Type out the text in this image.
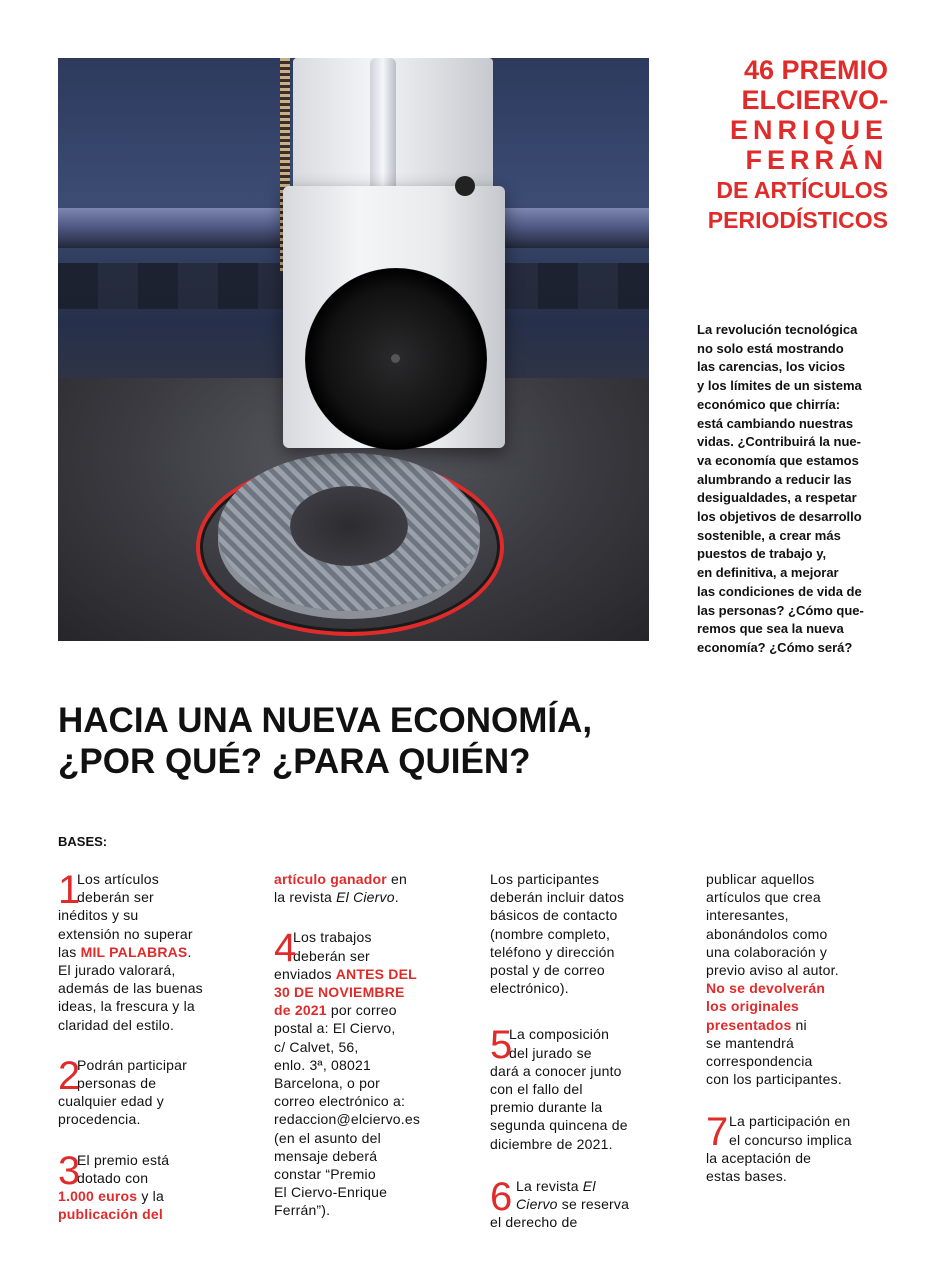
46 PREMIO
ELCIERVO-
ENRIQUE
FERRÁN
DE ARTÍCULOS
PERIODÍSTICOS

La revolución tecnológica
no solo está mostrando
las carencias, los vicios
y los límites de un sistema
económico que chirría:
está cambiando nuestras
vidas. ¿Contribuirá la nue-
va economía que estamos
alumbrando a reducir las
desigualdades, a respetar
los objetivos de desarrollo
sostenible, a crear más
puestos de trabajo y,
en definitiva, a mejorar
las condiciones de vida de
las personas? ¿Cómo que-
remos que sea la nueva
economía? ¿Cómo será?

HACIA UNA NUEVA ECONOMÍA,
¿POR QUÉ? ¿PARA QUIÉN?

BASES:

1
Los artículos
deberán ser
inéditos y su
extensión no superar
las MIL PALABRAS.
El jurado valorará,
además de las buenas
ideas, la frescura y la
claridad del estilo.
2
Podrán participar
personas de
cualquier edad y
procedencia.
3
El premio está
dotado con
1.000 euros y la
publicación del
artículo ganador en
la revista El Ciervo.
4
Los trabajos
deberán ser
enviados ANTES DEL
30 DE NOVIEMBRE
de 2021 por correo
postal a: El Ciervo,
c/ Calvet, 56,
enlo. 3ª, 08021
Barcelona, o por
correo electrónico a:
redaccion@elciervo.es
(en el asunto del
mensaje deberá
constar “Premio
El Ciervo-Enrique
Ferrán”).
Los participantes
deberán incluir datos
básicos de contacto
(nombre completo,
teléfono y dirección
postal y de correo
electrónico).
5
La composición
del jurado se
dará a conocer junto
con el fallo del
premio durante la
segunda quincena de
diciembre de 2021.
6 La revista El
Ciervo se reserva
el derecho de
publicar aquellos
artículos que crea
interesantes,
abonándolos como
una colaboración y
previo aviso al autor.
No se devolverán
los originales
presentados ni
se mantendrá
correspondencia
con los participantes.
7 La participación en
el concurso implica
la aceptación de
estas bases.
